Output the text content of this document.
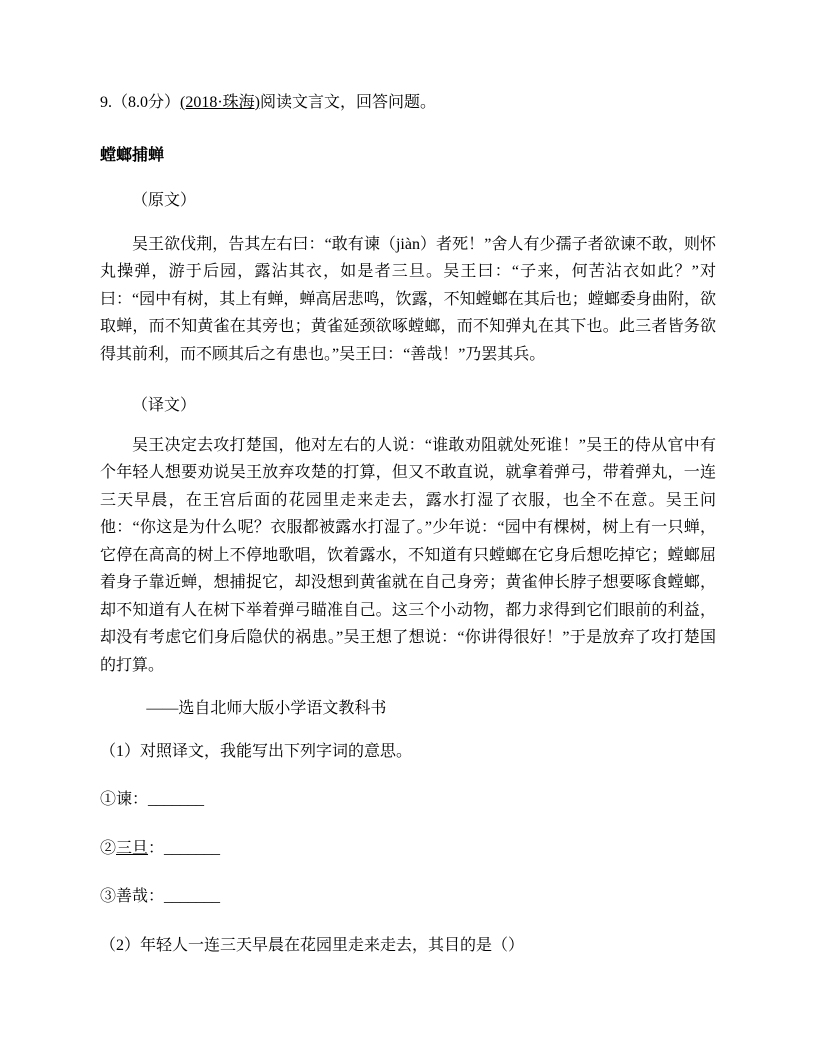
9.（8.0分）(2018·珠海)阅读文言文，回答问题。

螳螂捕蝉

（原文）

吴王欲伐荆，告其左右曰：“敢有谏（jiàn）者死！”舍人有少孺子者欲谏不敢，则怀丸操弹，游于后园，露沾其衣，如是者三旦。吴王曰：“子来，何苦沾衣如此？”对曰：“园中有树，其上有蝉，蝉高居悲鸣，饮露，不知螳螂在其后也；螳螂委身曲附，欲取蝉，而不知黄雀在其旁也；黄雀延颈欲啄螳螂，而不知弹丸在其下也。此三者皆务欲得其前利，而不顾其后之有患也。”吴王曰：“善哉！”乃罢其兵。

（译文）

吴王决定去攻打楚国，他对左右的人说：“谁敢劝阻就处死谁！”吴王的侍从官中有个年轻人想要劝说吴王放弃攻楚的打算，但又不敢直说，就拿着弹弓，带着弹丸，一连三天早晨，在王宫后面的花园里走来走去，露水打湿了衣服，也全不在意。吴王问他：“你这是为什么呢？衣服都被露水打湿了。”少年说：“园中有棵树，树上有一只蝉，它停在高高的树上不停地歌唱，饮着露水，不知道有只螳螂在它身后想吃掉它；螳螂屈着身子靠近蝉，想捕捉它，却没想到黄雀就在自己身旁；黄雀伸长脖子想要啄食螳螂，却不知道有人在树下举着弹弓瞄准自己。这三个小动物，都力求得到它们眼前的利益，却没有考虑它们身后隐伏的祸患。”吴王想了想说：“你讲得很好！”于是放弃了攻打楚国的打算。

——选自北师大版小学语文教科书

（1）对照译文，我能写出下列字词的意思。

①谏：_______

②三旦：_______

③善哉：_______

（2）年轻人一连三天早晨在花园里走来走去，其目的是（）
